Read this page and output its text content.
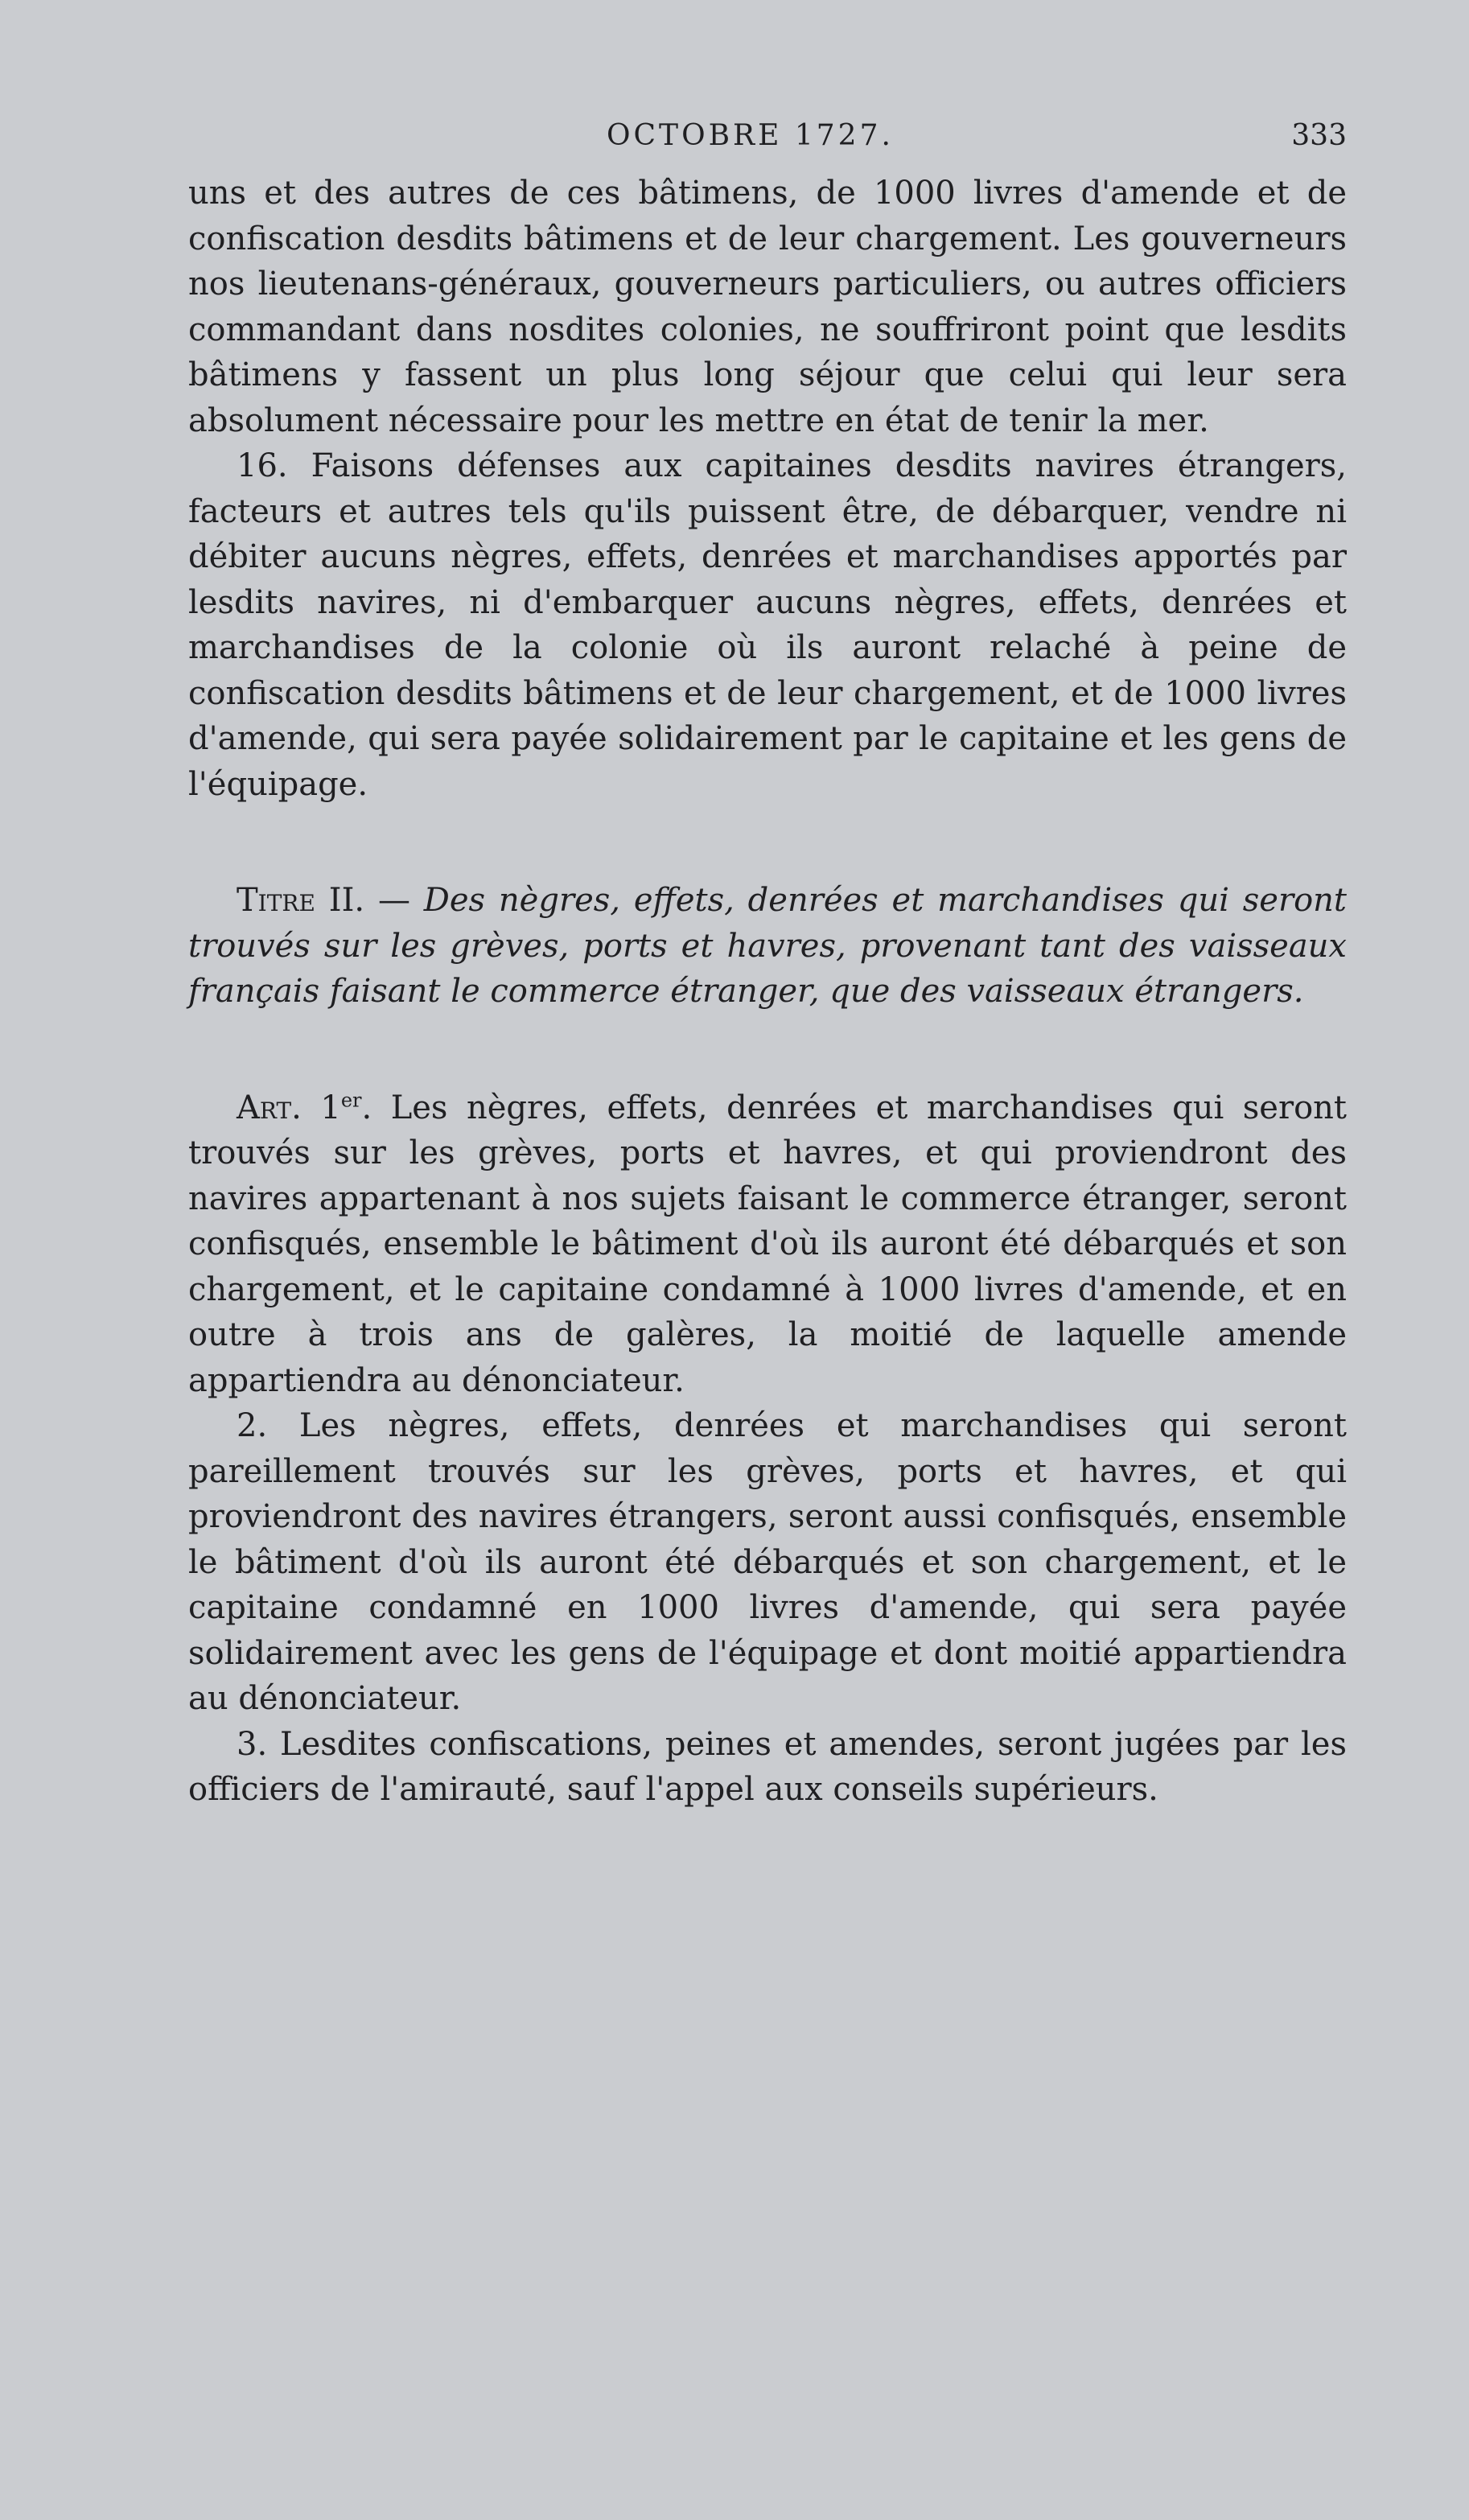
OCTOBRE 1727.	333

uns et des autres de ces bâtimens, de 1000 livres d'amende et de confiscation desdits bâtimens et de leur chargement. Les gouverneurs nos lieutenans-généraux, gouverneurs particuliers, ou autres officiers commandant dans nosdites colonies, ne souffriront point que lesdits bâtimens y fassent un plus long séjour que celui qui leur sera absolument nécessaire pour les mettre en état de tenir la mer.

16. Faisons défenses aux capitaines desdits navires étrangers, facteurs et autres tels qu'ils puissent être, de débarquer, vendre ni débiter aucuns nègres, effets, denrées et marchandises apportés par lesdits navires, ni d'embarquer aucuns nègres, effets, denrées et marchandises de la colonie où ils auront relaché à peine de confiscation desdits bâtimens et de leur chargement, et de 1000 livres d'amende, qui sera payée solidairement par le capitaine et les gens de l'équipage.

Titre II. — Des nègres, effets, denrées et marchandises qui seront trouvés sur les grèves, ports et havres, provenant tant des vaisseaux français faisant le commerce étranger, que des vaisseaux étrangers.

Art. 1er. Les nègres, effets, denrées et marchandises qui seront trouvés sur les grèves, ports et havres, et qui proviendront des navires appartenant à nos sujets faisant le commerce étranger, seront confisqués, ensemble le bâtiment d'où ils auront été débarqués et son chargement, et le capitaine condamné à 1000 livres d'amende, et en outre à trois ans de galères, la moitié de laquelle amende appartiendra au dénonciateur.

2. Les nègres, effets, denrées et marchandises qui seront pareillement trouvés sur les grèves, ports et havres, et qui proviendront des navires étrangers, seront aussi confisqués, ensemble le bâtiment d'où ils auront été débarqués et son chargement, et le capitaine condamné en 1000 livres d'amende, qui sera payée solidairement avec les gens de l'équipage et dont moitié appartiendra au dénonciateur.

3. Lesdites confiscations, peines et amendes, seront jugées par les officiers de l'amirauté, sauf l'appel aux conseils supérieurs.
